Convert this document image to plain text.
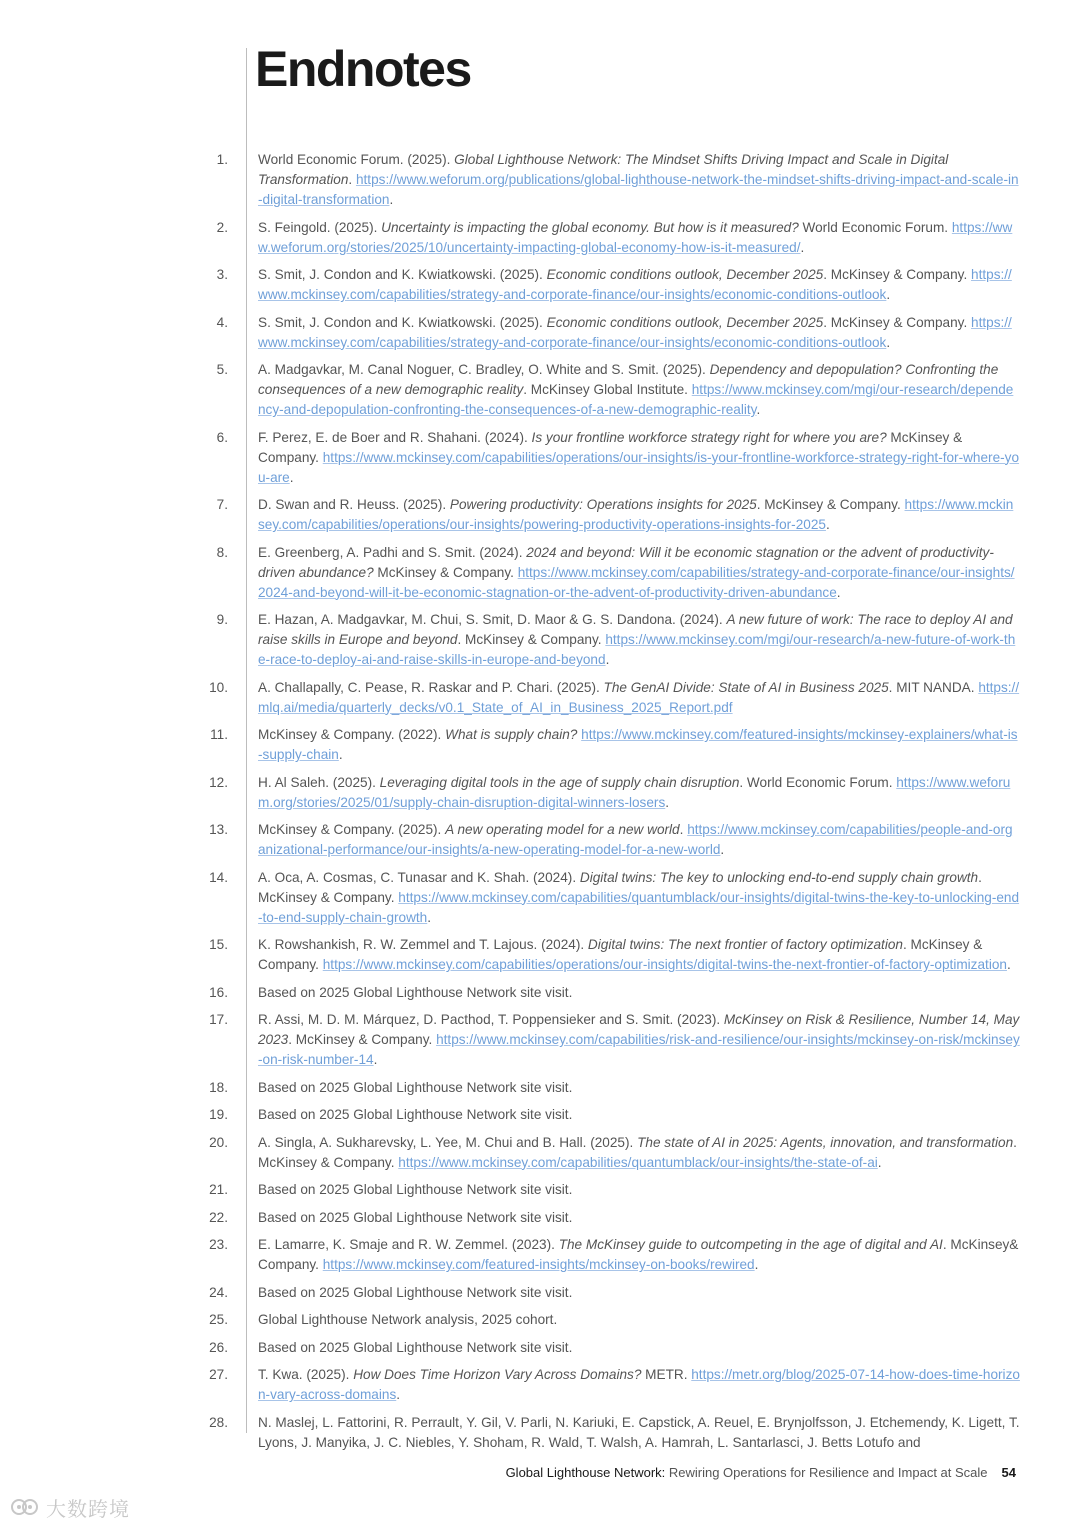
Endnotes
1. World Economic Forum. (2025). Global Lighthouse Network: The Mindset Shifts Driving Impact and Scale in Digital Transformation. https://www.weforum.org/publications/global-lighthouse-network-the-mindset-shifts-driving-impact-and-scale-in-digital-transformation.
2. S. Feingold. (2025). Uncertainty is impacting the global economy. But how is it measured? World Economic Forum. https://www.weforum.org/stories/2025/10/uncertainty-impacting-global-economy-how-is-it-measured/.
3. S. Smit, J. Condon and K. Kwiatkowski. (2025). Economic conditions outlook, December 2025. McKinsey & Company. https://www.mckinsey.com/capabilities/strategy-and-corporate-finance/our-insights/economic-conditions-outlook.
4. S. Smit, J. Condon and K. Kwiatkowski. (2025). Economic conditions outlook, December 2025. McKinsey & Company. https://www.mckinsey.com/capabilities/strategy-and-corporate-finance/our-insights/economic-conditions-outlook.
5. A. Madgavkar, M. Canal Noguer, C. Bradley, O. White and S. Smit. (2025). Dependency and depopulation? Confronting the consequences of a new demographic reality. McKinsey Global Institute. https://www.mckinsey.com/mgi/our-research/dependency-and-depopulation-confronting-the-consequences-of-a-new-demographic-reality.
6. F. Perez, E. de Boer and R. Shahani. (2024). Is your frontline workforce strategy right for where you are? McKinsey & Company. https://www.mckinsey.com/capabilities/operations/our-insights/is-your-frontline-workforce-strategy-right-for-where-you-are.
7. D. Swan and R. Heuss. (2025). Powering productivity: Operations insights for 2025. McKinsey & Company. https://www.mckinsey.com/capabilities/operations/our-insights/powering-productivity-operations-insights-for-2025.
8. E. Greenberg, A. Padhi and S. Smit. (2024). 2024 and beyond: Will it be economic stagnation or the advent of productivity-driven abundance? McKinsey & Company. https://www.mckinsey.com/capabilities/strategy-and-corporate-finance/our-insights/2024-and-beyond-will-it-be-economic-stagnation-or-the-advent-of-productivity-driven-abundance.
9. E. Hazan, A. Madgavkar, M. Chui, S. Smit, D. Maor & G. S. Dandona. (2024). A new future of work: The race to deploy AI and raise skills in Europe and beyond. McKinsey & Company. https://www.mckinsey.com/mgi/our-research/a-new-future-of-work-the-race-to-deploy-ai-and-raise-skills-in-europe-and-beyond.
10. A. Challapally, C. Pease, R. Raskar and P. Chari. (2025). The GenAI Divide: State of AI in Business 2025. MIT NANDA. https://mlq.ai/media/quarterly_decks/v0.1_State_of_AI_in_Business_2025_Report.pdf
11. McKinsey & Company. (2022). What is supply chain? https://www.mckinsey.com/featured-insights/mckinsey-explainers/what-is-supply-chain.
12. H. Al Saleh. (2025). Leveraging digital tools in the age of supply chain disruption. World Economic Forum. https://www.weforum.org/stories/2025/01/supply-chain-disruption-digital-winners-losers.
13. McKinsey & Company. (2025). A new operating model for a new world. https://www.mckinsey.com/capabilities/people-and-organizational-performance/our-insights/a-new-operating-model-for-a-new-world.
14. A. Oca, A. Cosmas, C. Tunasar and K. Shah. (2024). Digital twins: The key to unlocking end-to-end supply chain growth. McKinsey & Company. https://www.mckinsey.com/capabilities/quantumblack/our-insights/digital-twins-the-key-to-unlocking-end-to-end-supply-chain-growth.
15. K. Rowshankish, R. W. Zemmel and T. Lajous. (2024). Digital twins: The next frontier of factory optimization. McKinsey & Company. https://www.mckinsey.com/capabilities/operations/our-insights/digital-twins-the-next-frontier-of-factory-optimization.
16. Based on 2025 Global Lighthouse Network site visit.
17. R. Assi, M. D. M. Márquez, D. Pacthod, T. Poppensieker and S. Smit. (2023). McKinsey on Risk & Resilience, Number 14, May 2023. McKinsey & Company. https://www.mckinsey.com/capabilities/risk-and-resilience/our-insights/mckinsey-on-risk/mckinsey-on-risk-number-14.
18. Based on 2025 Global Lighthouse Network site visit.
19. Based on 2025 Global Lighthouse Network site visit.
20. A. Singla, A. Sukharevsky, L. Yee, M. Chui and B. Hall. (2025). The state of AI in 2025: Agents, innovation, and transformation. McKinsey & Company. https://www.mckinsey.com/capabilities/quantumblack/our-insights/the-state-of-ai.
21. Based on 2025 Global Lighthouse Network site visit.
22. Based on 2025 Global Lighthouse Network site visit.
23. E. Lamarre, K. Smaje and R. W. Zemmel. (2023). The McKinsey guide to outcompeting in the age of digital and AI. McKinsey& Company. https://www.mckinsey.com/featured-insights/mckinsey-on-books/rewired.
24. Based on 2025 Global Lighthouse Network site visit.
25. Global Lighthouse Network analysis, 2025 cohort.
26. Based on 2025 Global Lighthouse Network site visit.
27. T. Kwa. (2025). How Does Time Horizon Vary Across Domains? METR. https://metr.org/blog/2025-07-14-how-does-time-horizon-vary-across-domains.
28. N. Maslej, L. Fattorini, R. Perrault, Y. Gil, V. Parli, N. Kariuki, E. Capstick, A. Reuel, E. Brynjolfsson, J. Etchemendy, K. Ligett, T. Lyons, J. Manyika, J. C. Niebles, Y. Shoham, R. Wald, T. Walsh, A. Hamrah, L. Santarlasci, J. Betts Lotufo and
Global Lighthouse Network: Rewiring Operations for Resilience and Impact at Scale 54
大数跨境
